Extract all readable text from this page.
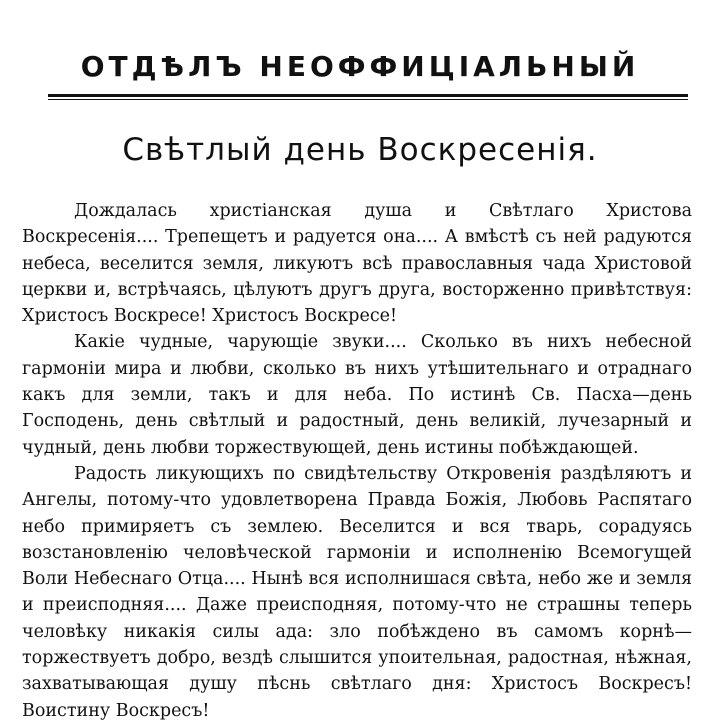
ОТДѢЛЪ НЕОФФИЦІАЛЬНЫЙ
Свѣтлый день Воскресенія.

Дождалась христіанская душа и Свѣтлаго Христова Воскресенія.... Трепещетъ и радуется она.... А вмѣстѣ съ ней радуются небеса, веселится земля, ликуютъ всѣ православныя чада Христовой церкви и, встрѣчаясь, цѣлуютъ другъ друга, восторженно привѣтствуя: Христосъ Воскресе! Христосъ Воскресе!

Какіе чудные, чарующіе звуки.... Сколько въ нихъ небесной гармоніи мира и любви, сколько въ нихъ утѣшительнаго и отраднаго какъ для земли, такъ и для неба. По истинѣ Св. Пасха—день Господень, день свѣтлый и радостный, день великій, лучезарный и чудный, день любви торжествующей, день истины побѣждающей.

Радость ликующихъ по свидѣтельству Откровенія раздѣляютъ и Ангелы, потому-что удовлетворена Правда Божія, Любовь Распятаго небо примиряетъ съ землею. Веселится и вся тварь, сорадуясь возстановленію человѣческой гармоніи и исполненію Всемогущей Воли Небеснаго Отца.... Нынѣ вся исполнишася свѣта, небо же и земля и преисподняя.... Даже преисподняя, потому-что не страшны теперь человѣку никакія силы ада: зло побѣждено въ самомъ корнѣ—торжествуетъ добро, вездѣ слышится упоительная, радостная, нѣжная, захватывающая душу пѣснь свѣтлаго дня: Христосъ Воскресъ! Воистину Воскресъ!
